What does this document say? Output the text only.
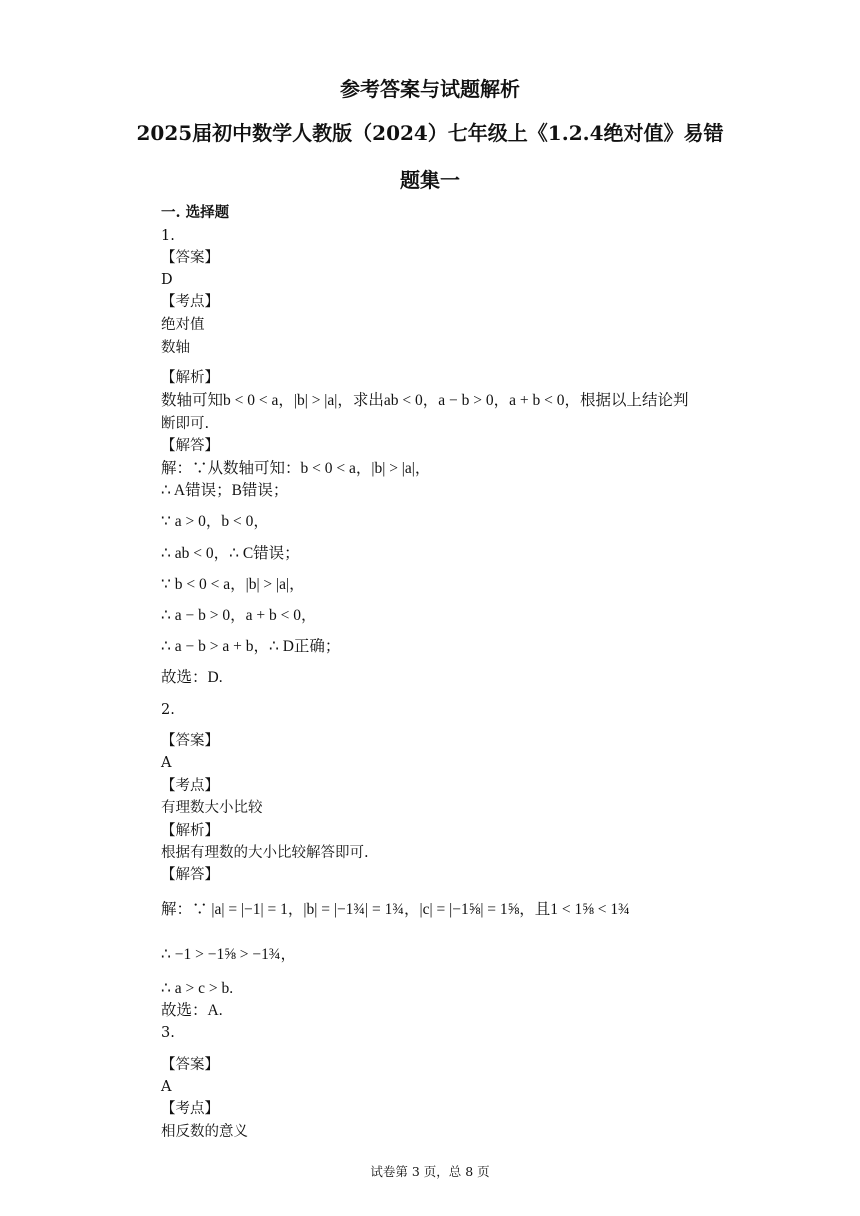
参考答案与试题解析
2025届初中数学人教版（2024）七年级上《1.2.4绝对值》易错
题集一
一. 选择题
1.
【答案】
D
【考点】
绝对值
数轴
【解析】
数轴可知b < 0 < a，|b| > |a|，求出ab < 0，a − b > 0，a + b < 0，根据以上结论判
断即可.
【解答】
解：∵从数轴可知：b < 0 < a，|b| > |a|，
∴ A错误；B错误；
∵ a > 0，b < 0，
∴ ab < 0，∴ C错误；
∵ b < 0 < a，|b| > |a|，
∴ a − b > 0，a + b < 0，
∴ a − b > a + b，∴ D正确；
故选：D.
2.
【答案】
A
【考点】
有理数大小比较
【解析】
根据有理数的大小比较解答即可.
【解答】
解：∵ |a| = |−1| = 1，|b| = |−1¾| = 1¾，|c| = |−1⅝| = 1⅝，且1 < 1⅝ < 1¾
∴ −1 > −1⅝ > −1¾，
∴ a > c > b.
故选：A.
3.
【答案】
A
【考点】
相反数的意义
试卷第 3 页，总 8 页
